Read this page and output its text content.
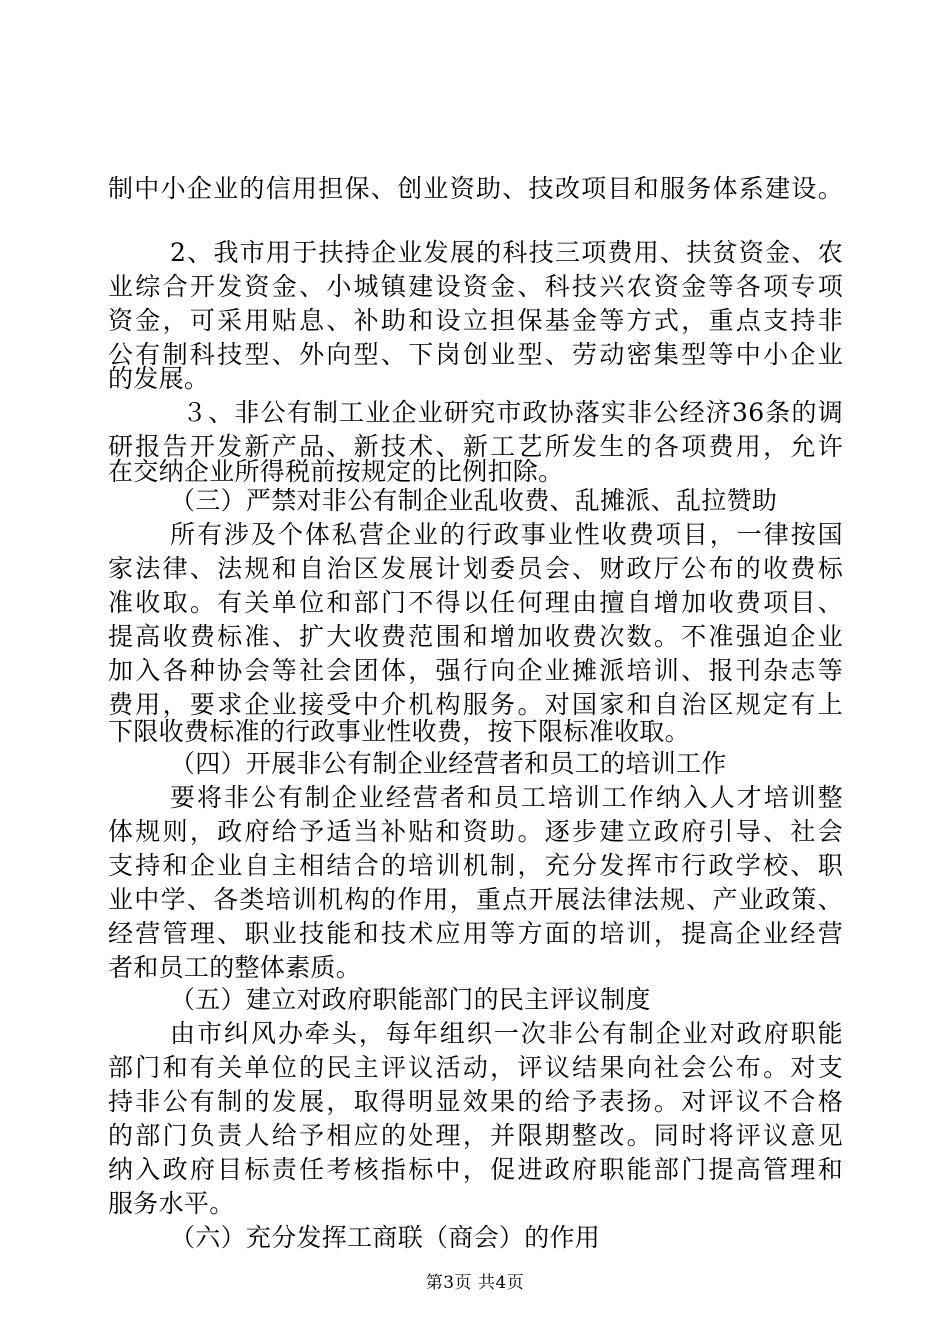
制中小企业的信用担保、创业资助、技改项目和服务体系建设。
2、我市用于扶持企业发展的科技三项费用、扶贫资金、农
业综合开发资金、小城镇建设资金、科技兴农资金等各项专项
资金，可采用贴息、补助和设立担保基金等方式，重点支持非
公有制科技型、外向型、下岗创业型、劳动密集型等中小企业
的发展。
３、非公有制工业企业研究市政协落实非公经济36条的调
研报告开发新产品、新技术、新工艺所发生的各项费用，允许
在交纳企业所得税前按规定的比例扣除。
（三）严禁对非公有制企业乱收费、乱摊派、乱拉赞助
所有涉及个体私营企业的行政事业性收费项目，一律按国
家法律、法规和自治区发展计划委员会、财政厅公布的收费标
准收取。有关单位和部门不得以任何理由擅自增加收费项目、
提高收费标准、扩大收费范围和增加收费次数。不准强迫企业
加入各种协会等社会团体，强行向企业摊派培训、报刊杂志等
费用，要求企业接受中介机构服务。对国家和自治区规定有上
下限收费标准的行政事业性收费，按下限标准收取。
（四）开展非公有制企业经营者和员工的培训工作
要将非公有制企业经营者和员工培训工作纳入人才培训整
体规则，政府给予适当补贴和资助。逐步建立政府引导、社会
支持和企业自主相结合的培训机制，充分发挥市行政学校、职
业中学、各类培训机构的作用，重点开展法律法规、产业政策、
经营管理、职业技能和技术应用等方面的培训，提高企业经营
者和员工的整体素质。
（五）建立对政府职能部门的民主评议制度
由市纠风办牵头，每年组织一次非公有制企业对政府职能
部门和有关单位的民主评议活动，评议结果向社会公布。对支
持非公有制的发展，取得明显效果的给予表扬。对评议不合格
的部门负责人给予相应的处理，并限期整改。同时将评议意见
纳入政府目标责任考核指标中，促进政府职能部门提高管理和
服务水平。
（六）充分发挥工商联（商会）的作用
第3页 共4页
